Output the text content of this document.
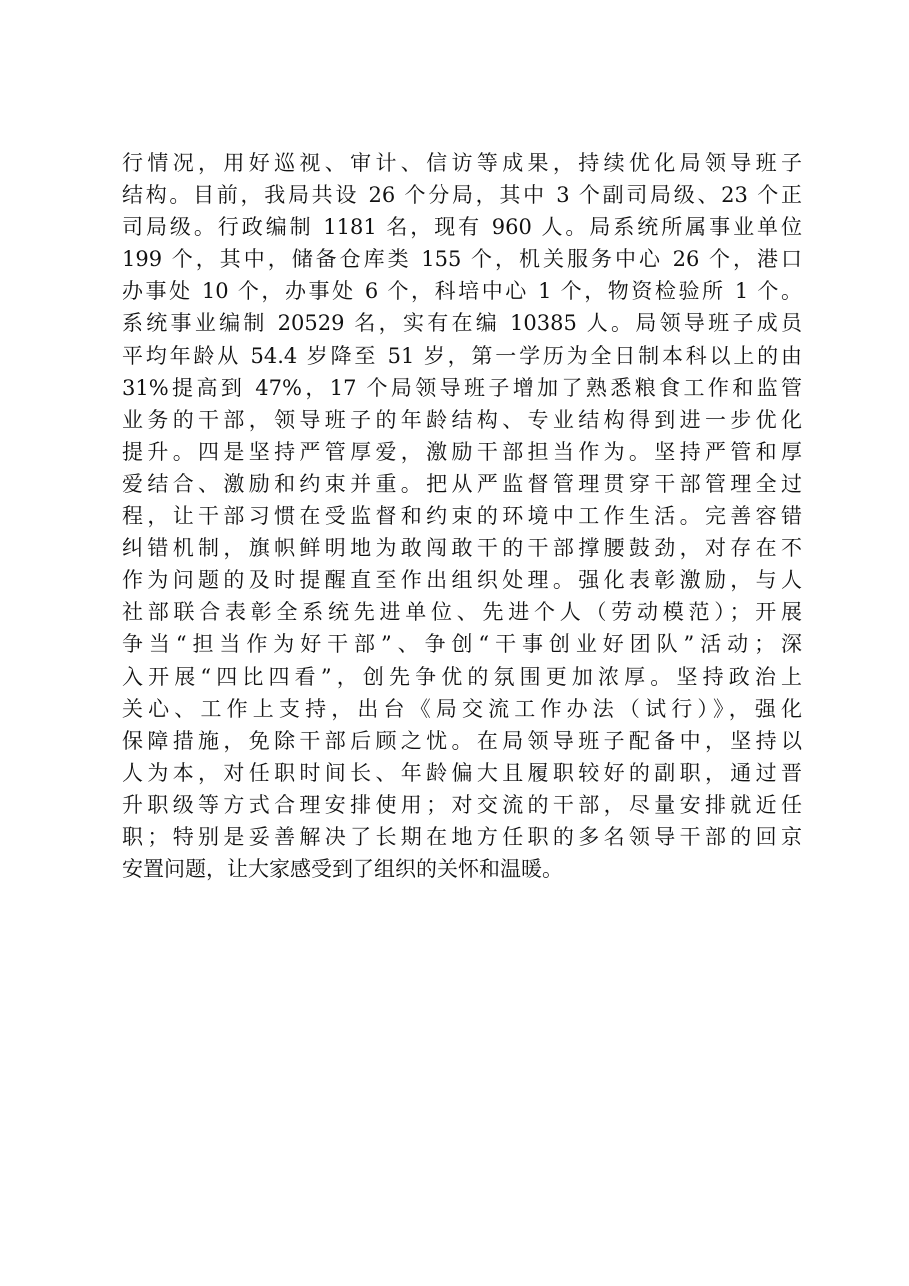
行情况，用好巡视、审计、信访等成果，持续优化局领导班子
结构。目前，我局共设 26 个分局，其中 3 个副司局级、23 个正
司局级。行政编制 1181 名，现有 960 人。局系统所属事业单位
199 个，其中，储备仓库类 155 个，机关服务中心 26 个，港口
办事处 10 个，办事处 6 个，科培中心 1 个，物资检验所 1 个。
系统事业编制 20529 名，实有在编 10385 人。局领导班子成员
平均年龄从 54.4 岁降至 51 岁，第一学历为全日制本科以上的由
31%提高到 47%，17 个局领导班子增加了熟悉粮食工作和监管
业务的干部，领导班子的年龄结构、专业结构得到进一步优化
提升。四是坚持严管厚爱，激励干部担当作为。坚持严管和厚
爱结合、激励和约束并重。把从严监督管理贯穿干部管理全过
程，让干部习惯在受监督和约束的环境中工作生活。完善容错
纠错机制，旗帜鲜明地为敢闯敢干的干部撑腰鼓劲，对存在不
作为问题的及时提醒直至作出组织处理。强化表彰激励，与人
社部联合表彰全系统先进单位、先进个人（劳动模范）；开展
争当“担当作为好干部”、争创“干事创业好团队”活动；深
入开展“四比四看”，创先争优的氛围更加浓厚。坚持政治上
关心、工作上支持，出台《局交流工作办法（试行）》，强化
保障措施，免除干部后顾之忧。在局领导班子配备中，坚持以
人为本，对任职时间长、年龄偏大且履职较好的副职，通过晋
升职级等方式合理安排使用；对交流的干部，尽量安排就近任
职；特别是妥善解决了长期在地方任职的多名领导干部的回京
安置问题，让大家感受到了组织的关怀和温暖。
